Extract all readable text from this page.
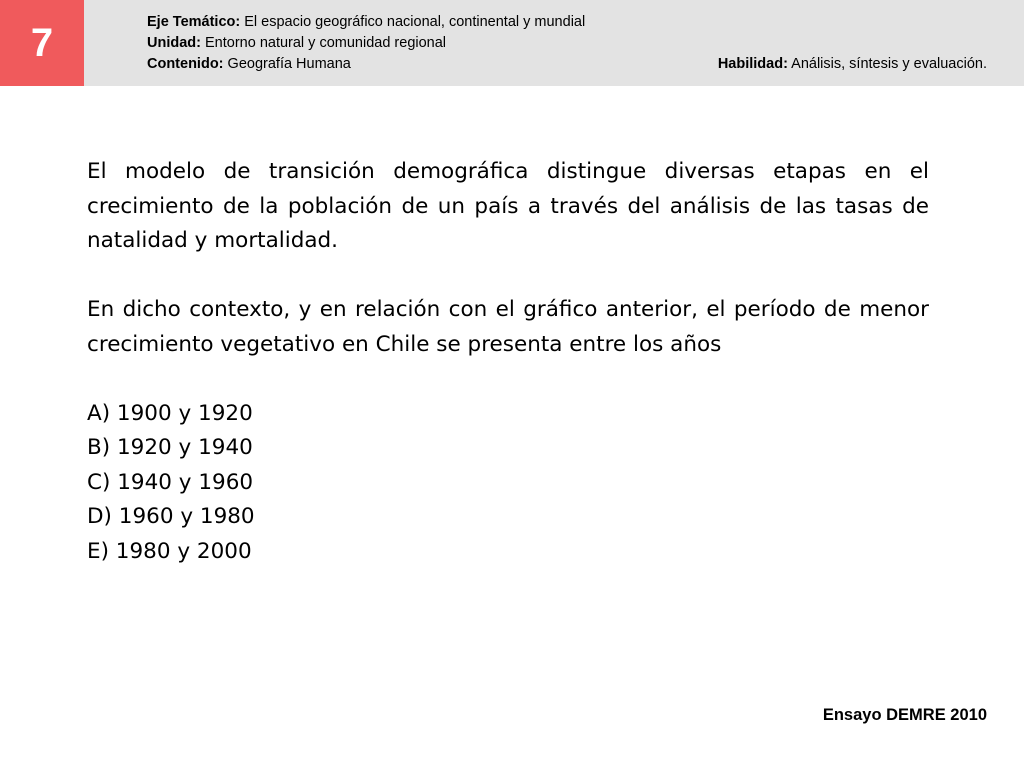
7	Eje Temático: El espacio geográfico nacional, continental y mundial
Unidad: Entorno natural y comunidad regional
Contenido: Geografía Humana	Habilidad: Análisis, síntesis y evaluación.

El modelo de transición demográfica distingue diversas etapas en el crecimiento de la población de un país a través del análisis de las tasas de natalidad y mortalidad.

En dicho contexto, y en relación con el gráfico anterior, el período de menor crecimiento vegetativo en Chile se presenta entre los años

A) 1900 y 1920
B) 1920 y 1940
C) 1940 y 1960
D) 1960 y 1980
E) 1980 y 2000
Ensayo DEMRE 2010
